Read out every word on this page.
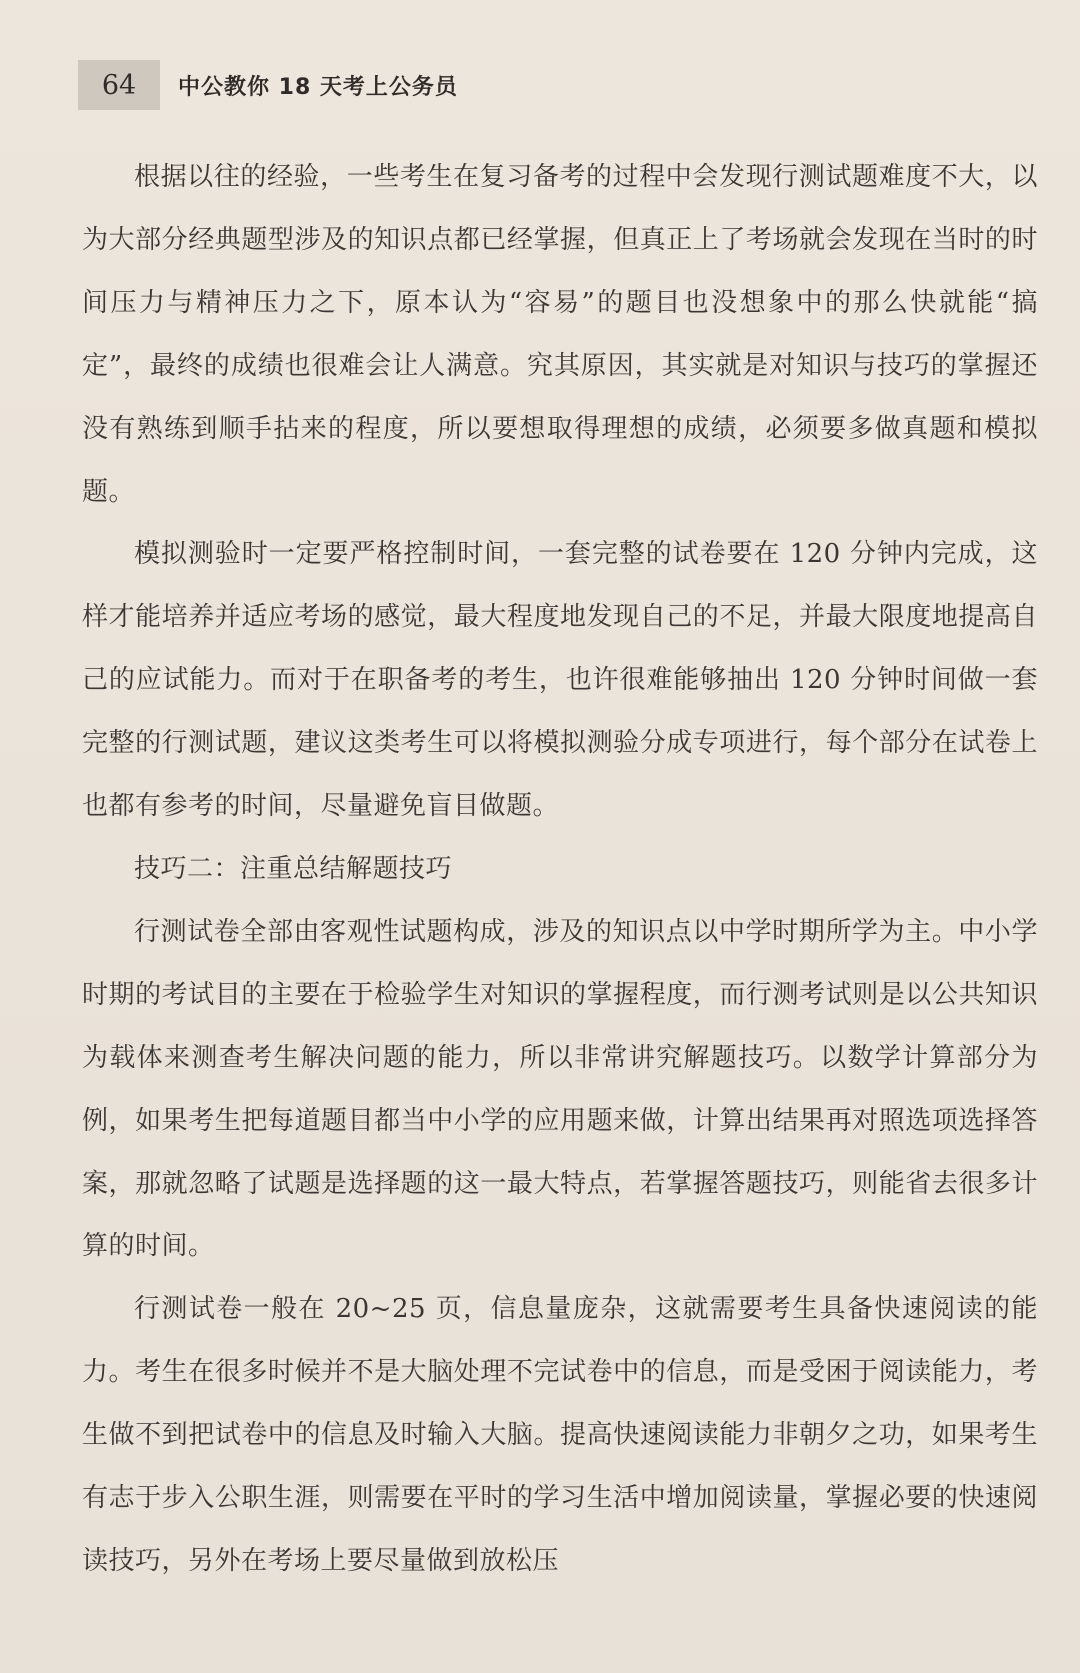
64	中公教你 18 天考上公务员

根据以往的经验，一些考生在复习备考的过程中会发现行测试题难度不大，以为大部分经典题型涉及的知识点都已经掌握，但真正上了考场就会发现在当时的时间压力与精神压力之下，原本认为“容易”的题目也没想象中的那么快就能“搞定”，最终的成绩也很难会让人满意。究其原因，其实就是对知识与技巧的掌握还没有熟练到顺手拈来的程度，所以要想取得理想的成绩，必须要多做真题和模拟题。

模拟测验时一定要严格控制时间，一套完整的试卷要在 120 分钟内完成，这样才能培养并适应考场的感觉，最大程度地发现自己的不足，并最大限度地提高自己的应试能力。而对于在职备考的考生，也许很难能够抽出 120 分钟时间做一套完整的行测试题，建议这类考生可以将模拟测验分成专项进行，每个部分在试卷上也都有参考的时间，尽量避免盲目做题。

技巧二：注重总结解题技巧

行测试卷全部由客观性试题构成，涉及的知识点以中学时期所学为主。中小学时期的考试目的主要在于检验学生对知识的掌握程度，而行测考试则是以公共知识为载体来测查考生解决问题的能力，所以非常讲究解题技巧。以数学计算部分为例，如果考生把每道题目都当中小学的应用题来做，计算出结果再对照选项选择答案，那就忽略了试题是选择题的这一最大特点，若掌握答题技巧，则能省去很多计算的时间。

行测试卷一般在 20~25 页，信息量庞杂，这就需要考生具备快速阅读的能力。考生在很多时候并不是大脑处理不完试卷中的信息，而是受困于阅读能力，考生做不到把试卷中的信息及时输入大脑。提高快速阅读能力非朝夕之功，如果考生有志于步入公职生涯，则需要在平时的学习生活中增加阅读量，掌握必要的快速阅读技巧，另外在考场上要尽量做到放松压
